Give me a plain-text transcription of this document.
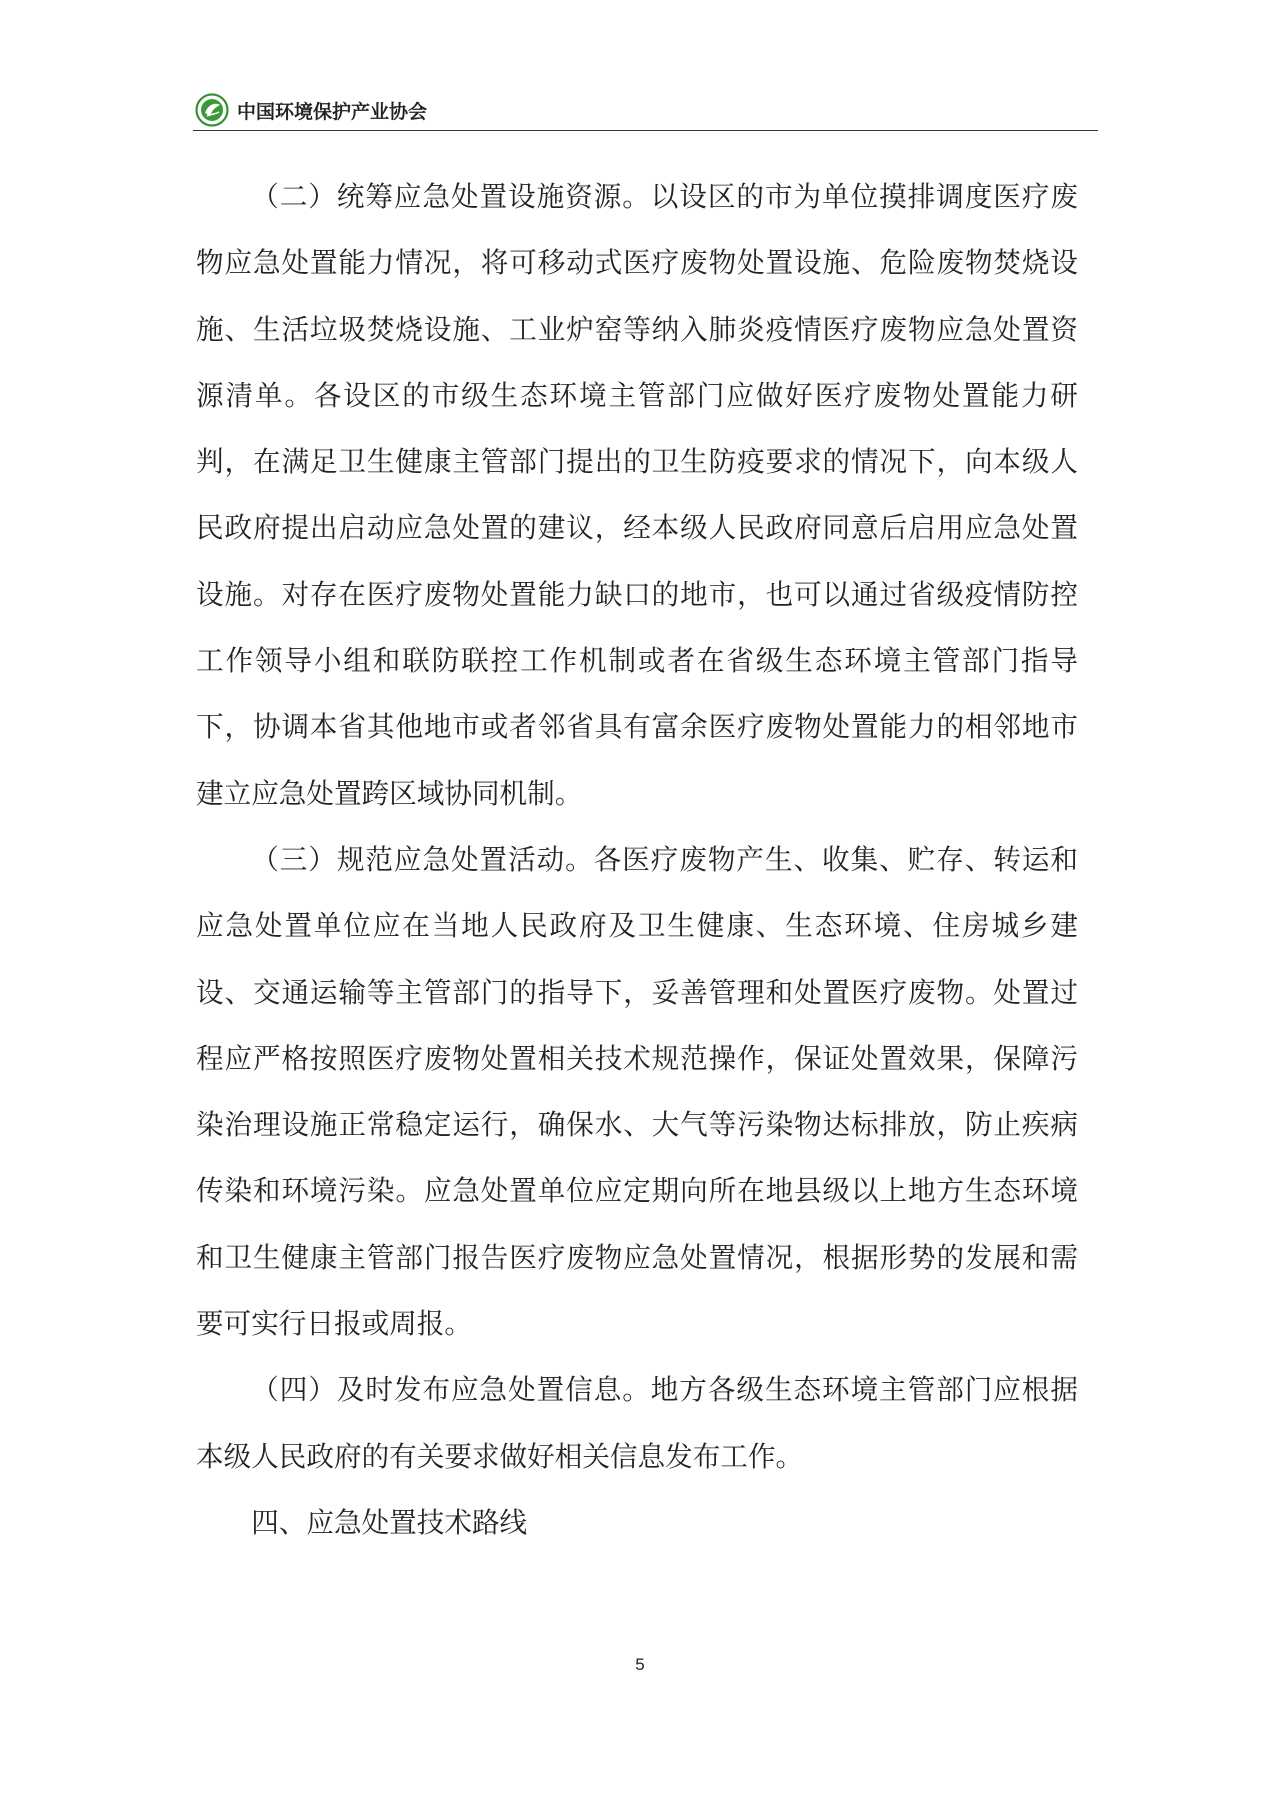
中国环境保护产业协会

（二）统筹应急处置设施资源。以设区的市为单位摸排调度医疗废物应急处置能力情况，将可移动式医疗废物处置设施、危险废物焚烧设施、生活垃圾焚烧设施、工业炉窑等纳入肺炎疫情医疗废物应急处置资源清单。各设区的市级生态环境主管部门应做好医疗废物处置能力研判，在满足卫生健康主管部门提出的卫生防疫要求的情况下，向本级人民政府提出启动应急处置的建议，经本级人民政府同意后启用应急处置设施。对存在医疗废物处置能力缺口的地市，也可以通过省级疫情防控工作领导小组和联防联控工作机制或者在省级生态环境主管部门指导下，协调本省其他地市或者邻省具有富余医疗废物处置能力的相邻地市建立应急处置跨区域协同机制。

（三）规范应急处置活动。各医疗废物产生、收集、贮存、转运和应急处置单位应在当地人民政府及卫生健康、生态环境、住房城乡建设、交通运输等主管部门的指导下，妥善管理和处置医疗废物。处置过程应严格按照医疗废物处置相关技术规范操作，保证处置效果，保障污染治理设施正常稳定运行，确保水、大气等污染物达标排放，防止疾病传染和环境污染。应急处置单位应定期向所在地县级以上地方生态环境和卫生健康主管部门报告医疗废物应急处置情况，根据形势的发展和需要可实行日报或周报。

（四）及时发布应急处置信息。地方各级生态环境主管部门应根据本级人民政府的有关要求做好相关信息发布工作。

四、应急处置技术路线

5
